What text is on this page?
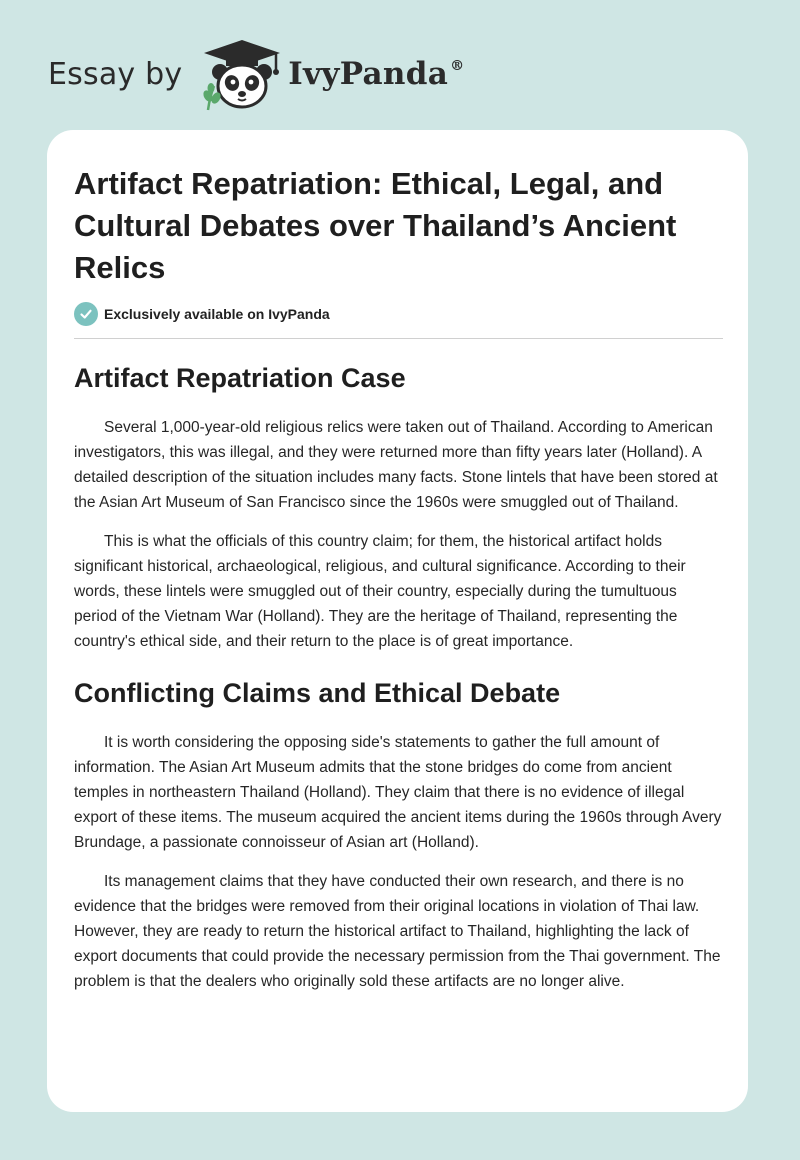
Essay by	IvyPanda ®
Artifact Repatriation: Ethical, Legal, and Cultural Debates over Thailand’s Ancient Relics
Exclusively available on IvyPanda
Artifact Repatriation Case

Several 1,000-year-old religious relics were taken out of Thailand. According to American investigators, this was illegal, and they were returned more than fifty years later (Holland). A detailed description of the situation includes many facts. Stone lintels that have been stored at the Asian Art Museum of San Francisco since the 1960s were smuggled out of Thailand.

This is what the officials of this country claim; for them, the historical artifact holds significant historical, archaeological, religious, and cultural significance. According to their words, these lintels were smuggled out of their country, especially during the tumultuous period of the Vietnam War (Holland). They are the heritage of Thailand, representing the country's ethical side, and their return to the place is of great importance.

Conflicting Claims and Ethical Debate

It is worth considering the opposing side's statements to gather the full amount of information. The Asian Art Museum admits that the stone bridges do come from ancient temples in northeastern Thailand (Holland). They claim that there is no evidence of illegal export of these items. The museum acquired the ancient items during the 1960s through Avery Brundage, a passionate connoisseur of Asian art (Holland).

Its management claims that they have conducted their own research, and there is no evidence that the bridges were removed from their original locations in violation of Thai law. However, they are ready to return the historical artifact to Thailand, highlighting the lack of export documents that could provide the necessary permission from the Thai government. The problem is that the dealers who originally sold these artifacts are no longer alive.
